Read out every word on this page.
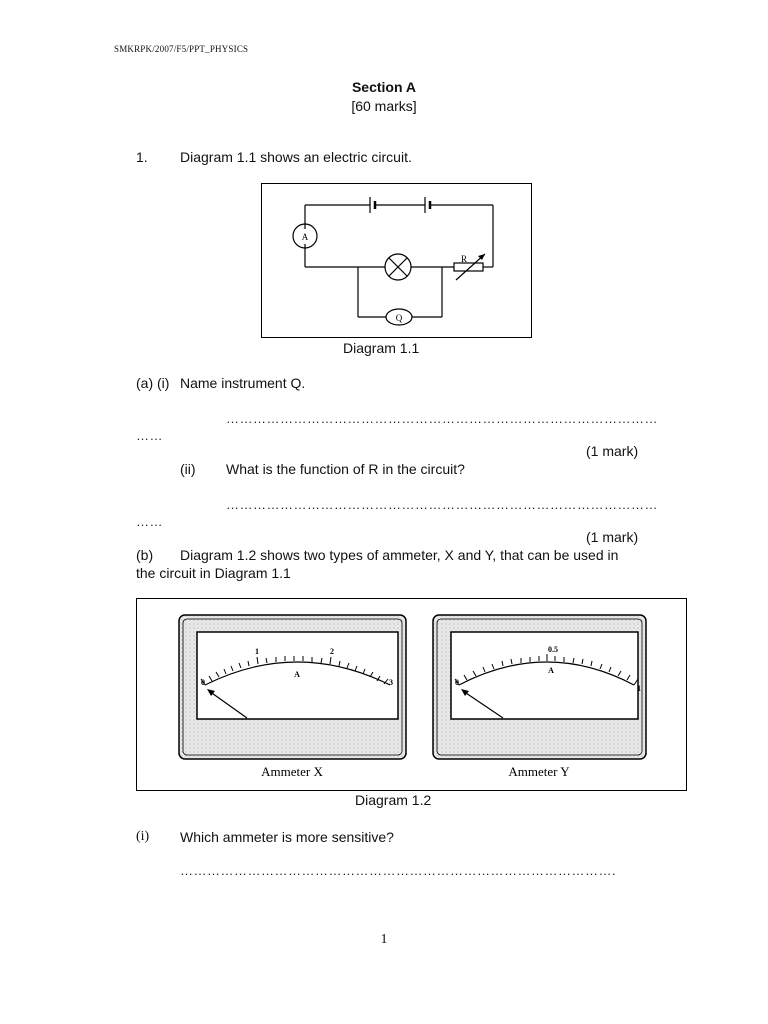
SMKRPK/2007/F5/PPT_PHYSICS
Section A
[60 marks]
1. Diagram 1.1 shows an electric circuit.
A
Q
R
Diagram 1.1
(a) (i) Name instrument Q.
……………………………………………………………………………………
……
(1 mark)
(ii) What is the function of R in the circuit?
……………………………………………………………………………………
……
(1 mark)
(b) Diagram 1.2 shows two types of ammeter, X and Y, that can be used in
the circuit in Diagram 1.1
0
1	2
3
A
Ammeter X
0
0.5
1
A
Ammeter Y
Diagram 1.2
(i) Which ammeter is more sensitive?
…………………………………………………………………………………….
1
